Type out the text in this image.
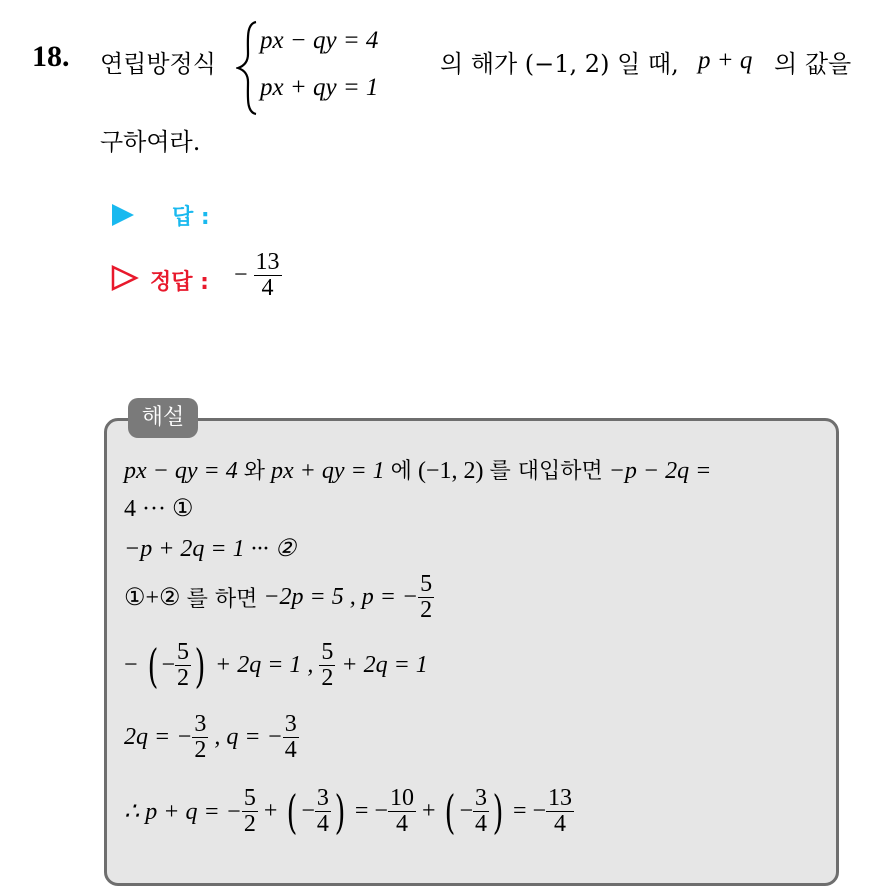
18. 연립방정식
px − qy = 4
px + qy = 1
의 해가 (−1, 2) 일 때, p + q 의 값을
구하여라.
답 :
정답 : − $\frac{13}{4}$
해설
px − qy = 4 와 px + qy = 1 에 (−1, 2) 를 대입하면 −p − 2q =
4 ··· ①
−p + 2q = 1 ··· ②
①+② 를 하면 −2p = 5 , p = − $\frac{5}{2}$
− ( − $\frac{5}{2}$ ) + 2q = 1 , $\frac{5}{2} + 2q = 1$
2q = − $\frac{3}{2}$ , q = − $\frac{3}{4}$
∴ p + q = − $\frac{5}{2}$ + ( − $\frac{3}{4}$ ) = − $\frac{10}{4}$ + ( − $\frac{3}{4}$ ) = − $\frac{13}{4}$
